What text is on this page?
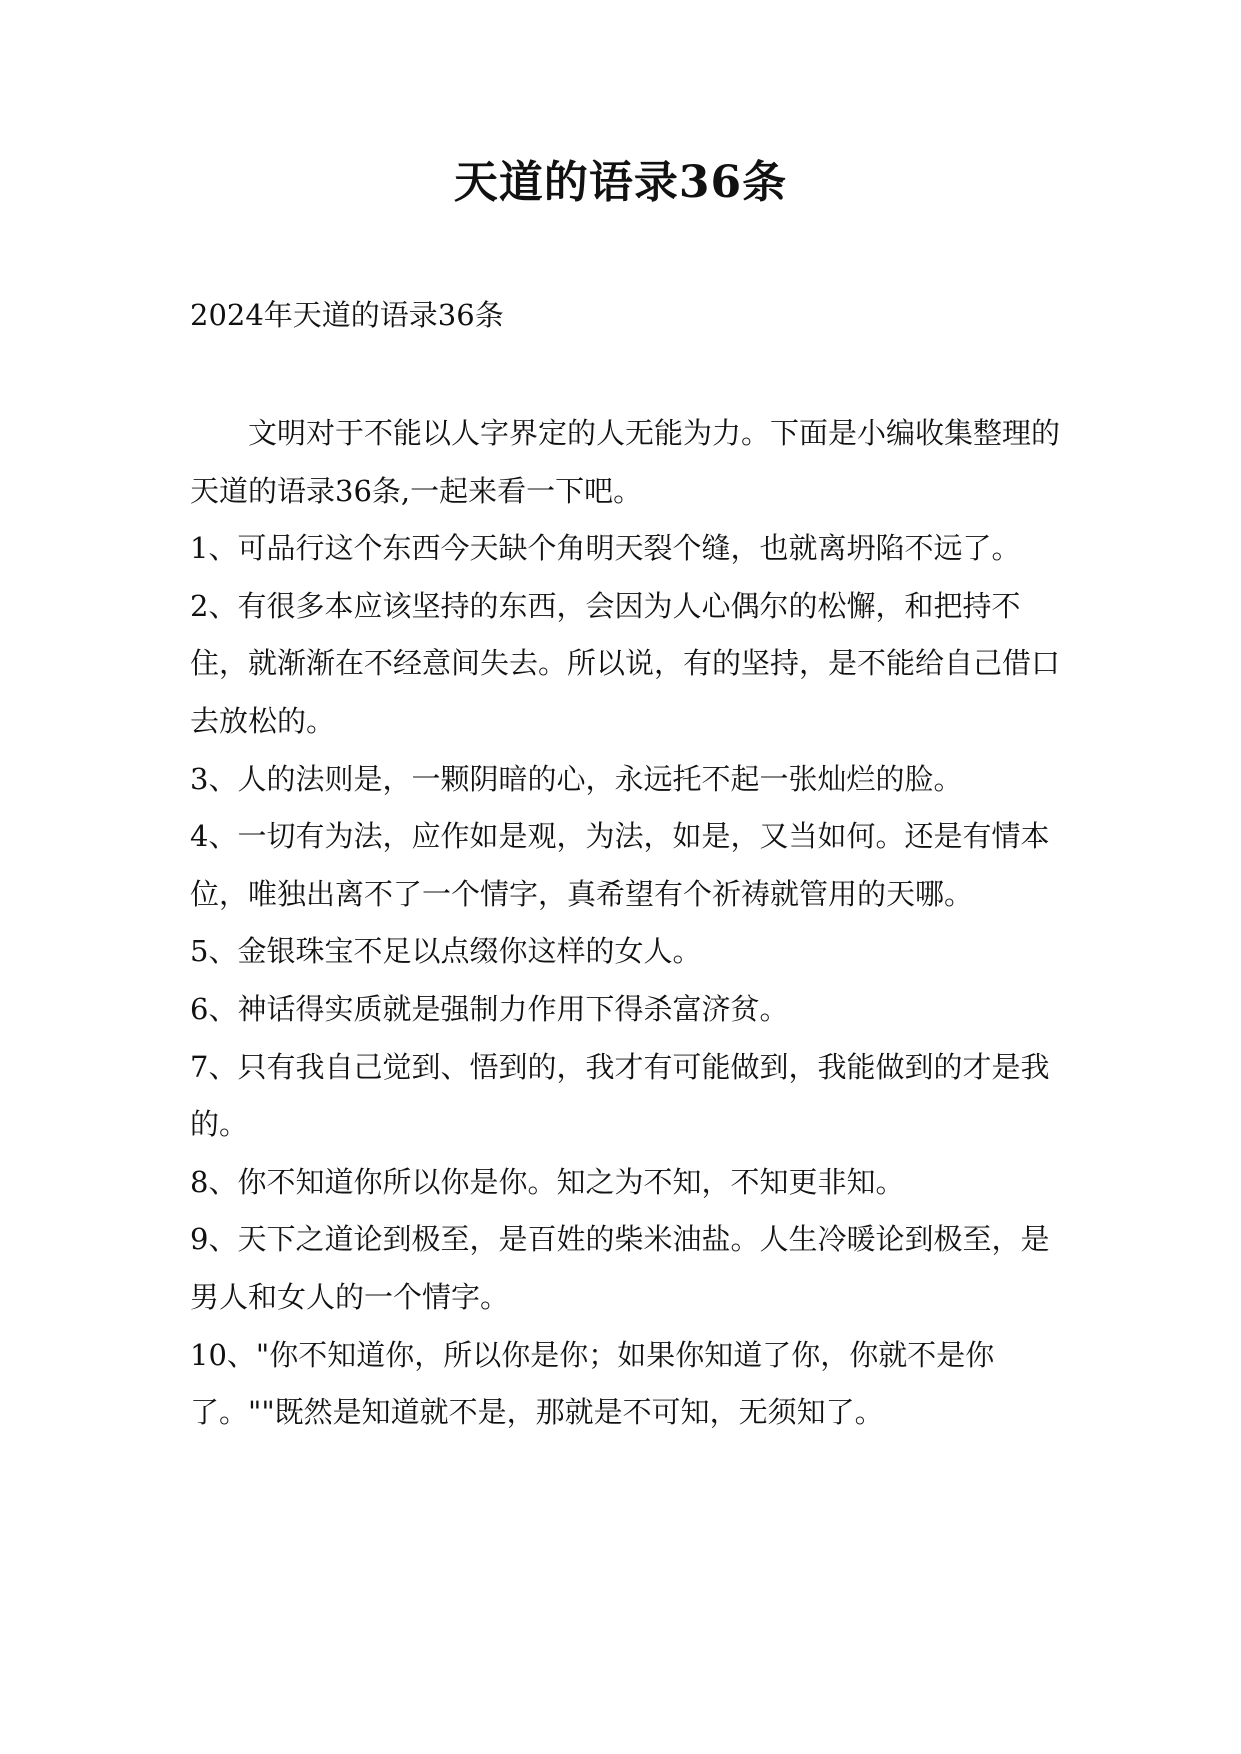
天道的语录36条
2024年天道的语录36条

文明对于不能以人字界定的人无能为力。下面是小编收集整理的天道的语录36条,一起来看一下吧。

1、可品行这个东西今天缺个角明天裂个缝，也就离坍陷不远了。

2、有很多本应该坚持的东西，会因为人心偶尔的松懈，和把持不住，就渐渐在不经意间失去。所以说，有的坚持，是不能给自己借口去放松的。

3、人的法则是，一颗阴暗的心，永远托不起一张灿烂的脸。

4、一切有为法，应作如是观，为法，如是，又当如何。还是有情本位，唯独出离不了一个情字，真希望有个祈祷就管用的天哪。

5、金银珠宝不足以点缀你这样的女人。

6、神话得实质就是强制力作用下得杀富济贫。

7、只有我自己觉到、悟到的，我才有可能做到，我能做到的才是我的。

8、你不知道你所以你是你。知之为不知，不知更非知。

9、天下之道论到极至，是百姓的柴米油盐。人生冷暖论到极至，是男人和女人的一个情字。

10、"你不知道你，所以你是你；如果你知道了你，你就不是你了。""既然是知道就不是，那就是不可知，无须知了。
